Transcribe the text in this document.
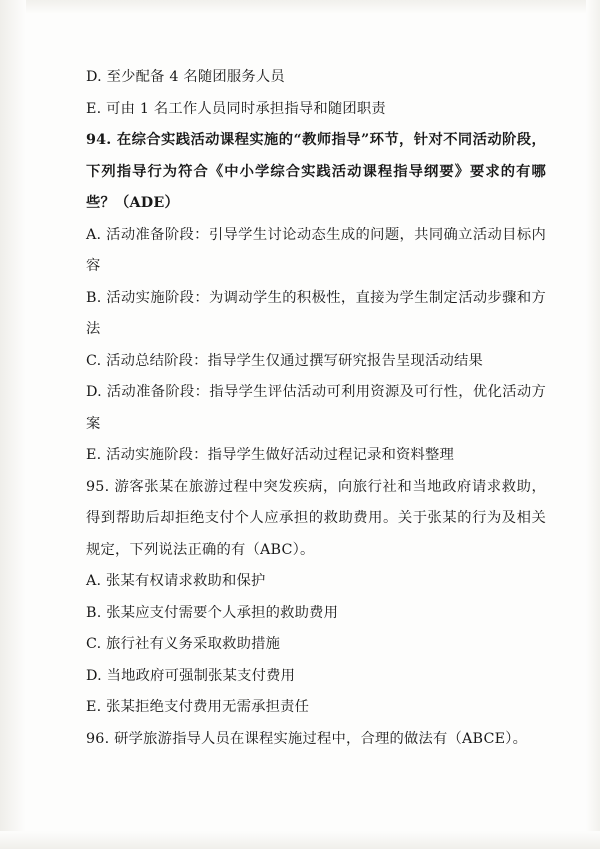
D. 至少配备 4 名随团服务人员

E. 可由 1 名工作人员同时承担指导和随团职责

94. 在综合实践活动课程实施的“教师指导”环节，针对不同活动阶段，下列指导行为符合《中小学综合实践活动课程指导纲要》要求的有哪些？（ADE）

A. 活动准备阶段：引导学生讨论动态生成的问题，共同确立活动目标内容

B. 活动实施阶段：为调动学生的积极性，直接为学生制定活动步骤和方法

C. 活动总结阶段：指导学生仅通过撰写研究报告呈现活动结果

D. 活动准备阶段：指导学生评估活动可利用资源及可行性，优化活动方案

E. 活动实施阶段：指导学生做好活动过程记录和资料整理

95. 游客张某在旅游过程中突发疾病，向旅行社和当地政府请求救助，得到帮助后却拒绝支付个人应承担的救助费用。关于张某的行为及相关规定，下列说法正确的有（ABC）。

A. 张某有权请求救助和保护

B. 张某应支付需要个人承担的救助费用

C. 旅行社有义务采取救助措施

D. 当地政府可强制张某支付费用

E. 张某拒绝支付费用无需承担责任

96. 研学旅游指导人员在课程实施过程中，合理的做法有（ABCE）。
